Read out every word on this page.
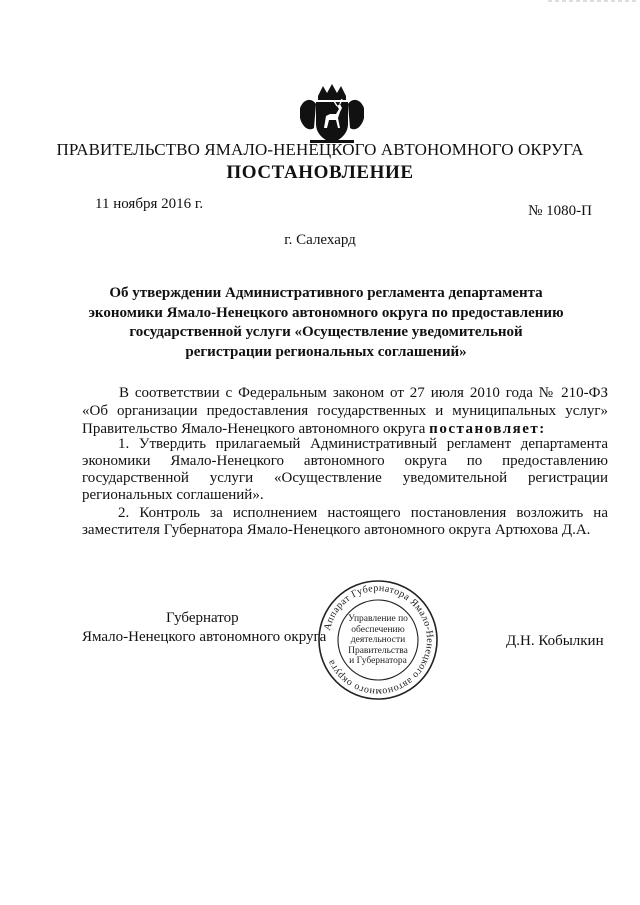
ПРАВИТЕЛЬСТВО ЯМАЛО-НЕНЕЦКОГО АВТОНОМНОГО ОКРУГА
ПОСТАНОВЛЕНИЕ
11 ноября 2016 г.	№ 1080-П
г. Салехард
Об утверждении Административного регламента департамента
экономики Ямало-Ненецкого автономного округа по предоставлению
государственной услуги «Осуществление уведомительной
регистрации региональных соглашений»
В соответствии с Федеральным законом от 27 июля 2010 года № 210-ФЗ
«Об организации предоставления государственных и муниципальных услуг»
Правительство Ямало-Ненецкого автономного округа постановляет:
1. Утвердить прилагаемый Административный регламент департамента
экономики Ямало-Ненецкого автономного округа по предоставлению
государственной услуги «Осуществление уведомительной регистрации
региональных соглашений».
2. Контроль за исполнением настоящего постановления возложить на
заместителя Губернатора Ямало-Ненецкого автономного округа Артюхова Д.А.
Губернатор
Ямало-Ненецкого автономного округа	Д.Н. Кобылкин
Аппарат Губернатора Ямало-Ненецкого автономного округа
Управление по
обеспечению
деятельности
Правительства
и Губернатора
